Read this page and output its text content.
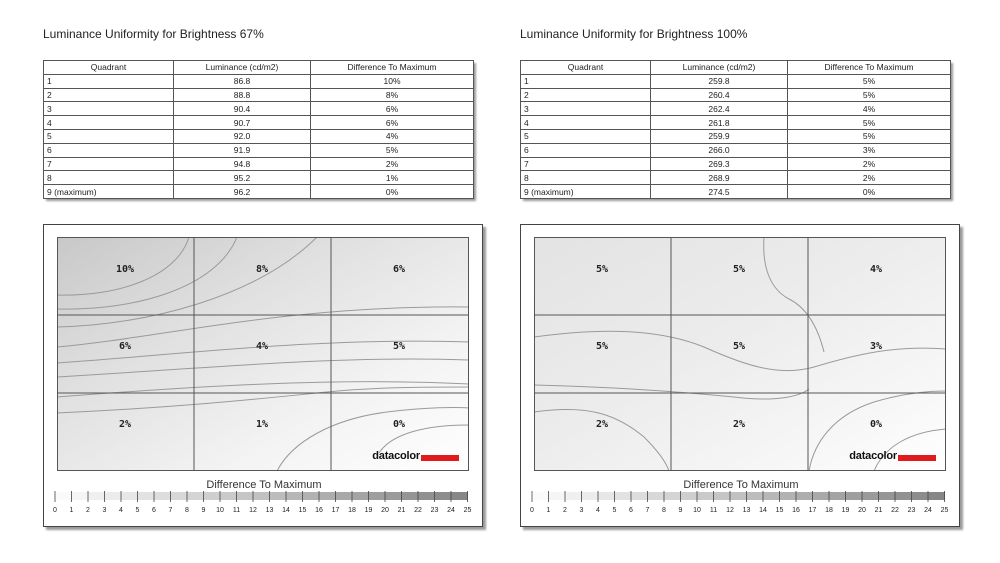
Luminance Uniformity for Brightness 67%
Quadrant	Luminance (cd/m2)	Difference To Maximum
1	86.8	10%
2	88.8	8%
3	90.4	6%
4	90.7	6%
5	92.0	4%
6	91.9	5%
7	94.8	2%
8	95.2	1%
9 (maximum)	96.2	0%
10%	8%	6%
6%	4%	5%
2%	1%	0%
datacolor
Difference To Maximum
0 1 2 3 4 5 6 7 8 9 10 11 12 13 14 15 16 17 18 19 20 21 22 23 24 25
Luminance Uniformity for Brightness 100%
Quadrant	Luminance (cd/m2)	Difference To Maximum
1	259.8	5%
2	260.4	5%
3	262.4	4%
4	261.8	5%
5	259.9	5%
6	266.0	3%
7	269.3	2%
8	268.9	2%
9 (maximum)	274.5	0%
5%	5%	4%
5%	5%	3%
2%	2%	0%
datacolor
Difference To Maximum
0 1 2 3 4 5 6 7 8 9 10 11 12 13 14 15 16 17 18 19 20 21 22 23 24 25
